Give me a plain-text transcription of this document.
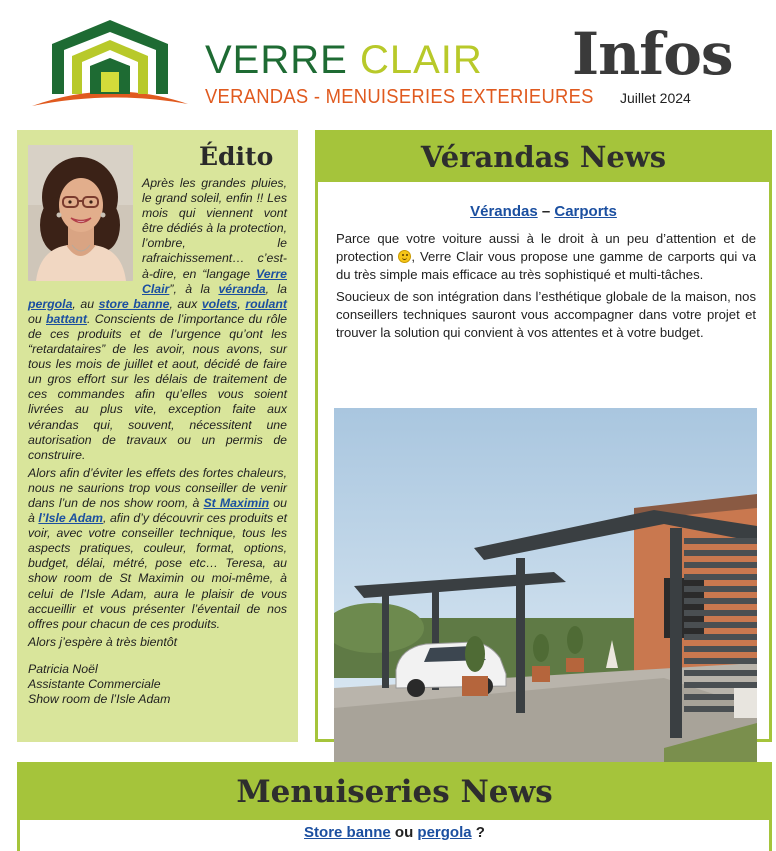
VERRE CLAIR
VERANDAS - MENUISERIES EXTERIEURES
Infos
Juillet 2024
Édito

Après les grandes pluies, le grand soleil, enfin !! Les mois qui viennent vont être dédiés à la protection, l’ombre, le rafraichissement… c’est-à-dire, en “langage Verre Clair”, à la véranda, la pergola, au store banne, aux volets, roulant ou battant. Conscients de l’importance du rôle de ces produits et de l’urgence qu’ont les “retardataires” de les avoir, nous avons, sur tous les mois de juillet et aout, décidé de faire un gros effort sur les délais de traitement de ces commandes afin qu’elles vous soient livrées au plus vite, exception faite aux vérandas qui, souvent, nécessitent une autorisation de travaux ou un permis de construire.

Alors afin d’éviter les effets des fortes chaleurs, nous ne saurions trop vous conseiller de venir dans l’un de nos show room, à St Maximin ou à l’Isle Adam, afin d’y découvrir ces produits et voir, avec votre conseiller technique, tous les aspects pratiques, couleur, format, options, budget, délai, métré, pose etc… Teresa, au show room de St Maximin ou moi-même, à celui de l’Isle Adam, aura le plaisir de vous accueillir et vous présenter l’éventail de nos offres pour chacun de ces produits.

Alors j’espère à très bientôt

Patricia Noël
Assistante Commerciale
Show room de l’Isle Adam
Vérandas News
Vérandas – Carports

Parce que votre voiture aussi à le droit à un peu d’attention et de protection , Verre Clair vous propose une gamme de carports qui va du très simple mais efficace au très sophistiqué et multi-tâches.

Soucieux de son intégration dans l’esthétique globale de la maison, nos conseillers techniques sauront vous accompagner dans votre projet et trouver la solution qui convient à vos attentes et à votre budget.

Menuiseries News
Store banne ou pergola ?
